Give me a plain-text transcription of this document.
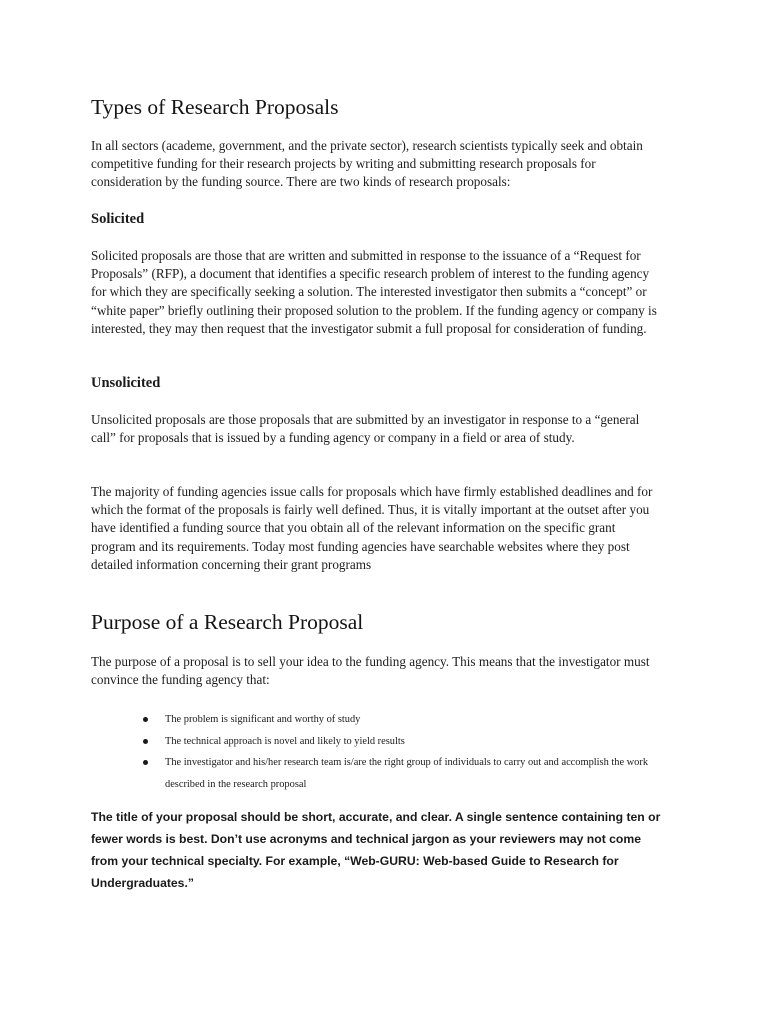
Types of Research Proposals

In all sectors (academe, government, and the private sector), research scientists typically seek and obtain competitive funding for their research projects by writing and submitting research proposals for consideration by the funding source. There are two kinds of research proposals:

Solicited

Solicited proposals are those that are written and submitted in response to the issuance of a “Request for Proposals” (RFP), a document that identifies a specific research problem of interest to the funding agency for which they are specifically seeking a solution. The interested investigator then submits a “concept” or “white paper” briefly outlining their proposed solution to the problem. If the funding agency or company is interested, they may then request that the investigator submit a full proposal for consideration of funding.

Unsolicited

Unsolicited proposals are those proposals that are submitted by an investigator in response to a “general call” for proposals that is issued by a funding agency or company in a field or area of study.

The majority of funding agencies issue calls for proposals which have firmly established deadlines and for which the format of the proposals is fairly well defined. Thus, it is vitally important at the outset after you have identified a funding source that you obtain all of the relevant information on the specific grant program and its requirements. Today most funding agencies have searchable websites where they post detailed information concerning their grant programs

Purpose of a Research Proposal

The purpose of a proposal is to sell your idea to the funding agency. This means that the investigator must convince the funding agency that:

The problem is significant and worthy of study
The technical approach is novel and likely to yield results
The investigator and his/her research team is/are the right group of individuals to carry out and accomplish the work described in the research proposal

The title of your proposal should be short, accurate, and clear. A single sentence containing ten or fewer words is best. Don’t use acronyms and technical jargon as your reviewers may not come from your technical specialty. For example, “Web-GURU: Web-based Guide to Research for Undergraduates.”
